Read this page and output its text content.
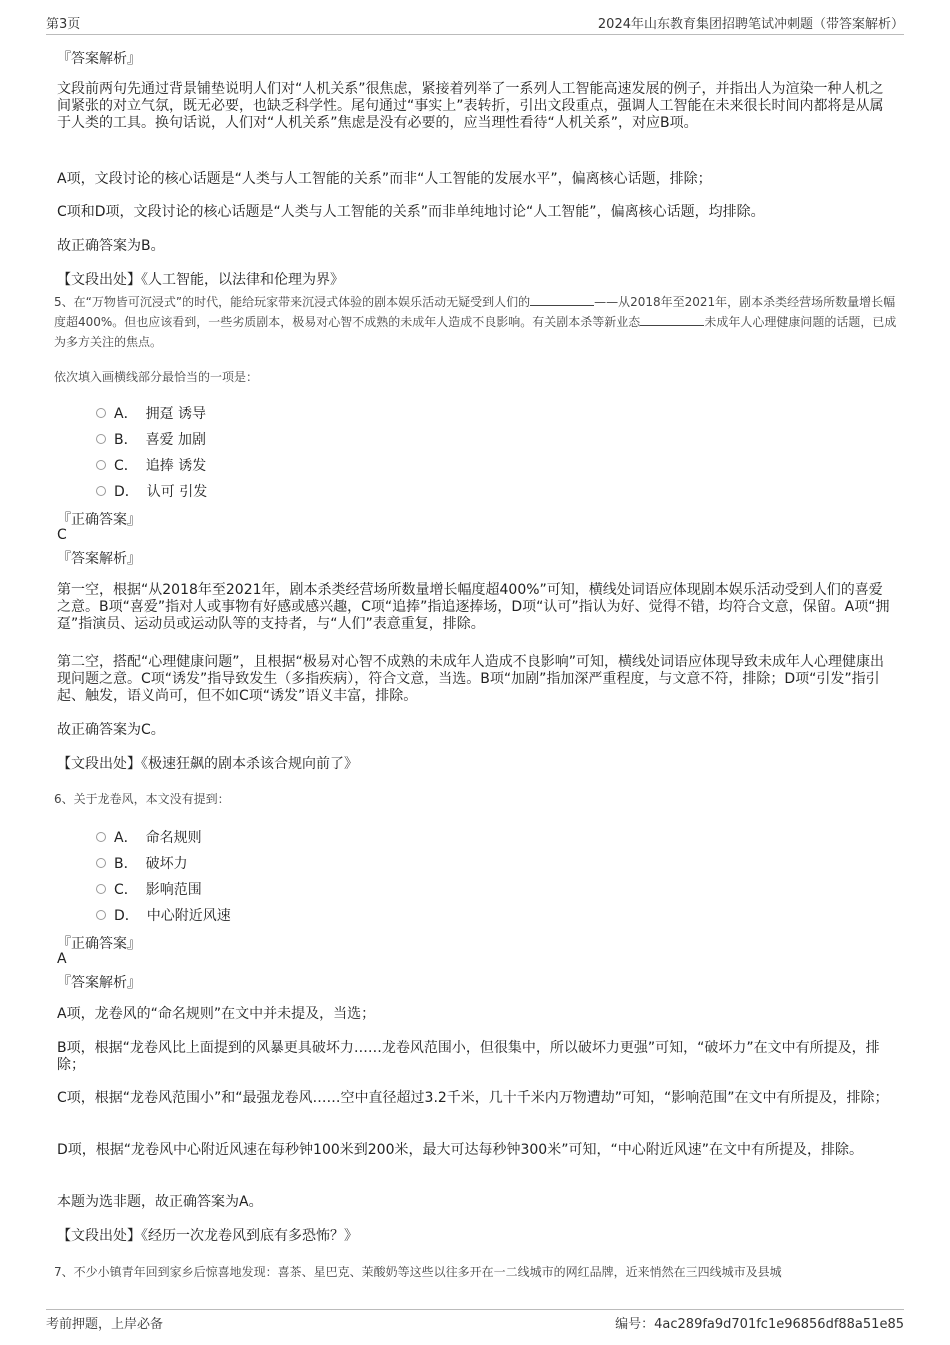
第3页	2024年山东教育集团招聘笔试冲刺题（带答案解析）
『答案解析』
文段前两句先通过背景铺垫说明人们对“人机关系”很焦虑，紧接着列举了一系列人工智能高速发展的例子，并指出人为渲染一种人机之间紧张的对立气氛，既无必要，也缺乏科学性。尾句通过“事实上”表转折，引出文段重点，强调人工智能在未来很长时间内都将是从属于人类的工具。换句话说，人们对“人机关系”焦虑是没有必要的，应当理性看待“人机关系”，对应B项。
A项，文段讨论的核心话题是“人类与人工智能的关系”而非“人工智能的发展水平”，偏离核心话题，排除；
C项和D项，文段讨论的核心话题是“人类与人工智能的关系”而非单纯地讨论“人工智能”，偏离核心话题，均排除。
故正确答案为B。
【文段出处】《人工智能，以法律和伦理为界》
5、在“万物皆可沉浸式”的时代，能给玩家带来沉浸式体验的剧本娱乐活动无疑受到人们的	——从2018年至2021年，剧本杀类经营场所数量增长幅度超400%。但也应该看到，一些劣质剧本，极易对心智不成熟的未成年人造成不良影响。有关剧本杀等新业态	未成年人心理健康问题的话题，已成为多方关注的焦点。
依次填入画横线部分最恰当的一项是：
A． 拥趸 诱导
B． 喜爱 加剧
C． 追捧 诱发
D． 认可 引发
『正确答案』
C
『答案解析』
第一空，根据“从2018年至2021年，剧本杀类经营场所数量增长幅度超400%”可知，横线处词语应体现剧本娱乐活动受到人们的喜爱之意。B项“喜爱”指对人或事物有好感或感兴趣，C项“追捧”指追逐捧场，D项“认可”指认为好、觉得不错，均符合文意，保留。A项“拥趸”指演员、运动员或运动队等的支持者，与“人们”表意重复，排除。
第二空，搭配“心理健康问题”，且根据“极易对心智不成熟的未成年人造成不良影响”可知，横线处词语应体现导致未成年人心理健康出现问题之意。C项“诱发”指导致发生（多指疾病），符合文意，当选。B项“加剧”指加深严重程度，与文意不符，排除；D项“引发”指引起、触发，语义尚可，但不如C项“诱发”语义丰富，排除。
故正确答案为C。
【文段出处】《极速狂飙的剧本杀该合规向前了》
6、关于龙卷风，本文没有提到：
A． 命名规则
B． 破坏力
C． 影响范围
D． 中心附近风速
『正确答案』
A
『答案解析』
A项，龙卷风的“命名规则”在文中并未提及，当选；
B项，根据“龙卷风比上面提到的风暴更具破坏力……龙卷风范围小，但很集中，所以破坏力更强”可知，“破坏力”在文中有所提及，排除；
C项，根据“龙卷风范围小”和“最强龙卷风……空中直径超过3.2千米，几十千米内万物遭劫”可知，“影响范围”在文中有所提及，排除；
D项，根据“龙卷风中心附近风速在每秒钟100米到200米，最大可达每秒钟300米”可知，“中心附近风速”在文中有所提及，排除。
本题为选非题，故正确答案为A。
【文段出处】《经历一次龙卷风到底有多恐怖？》
7、不少小镇青年回到家乡后惊喜地发现：喜茶、星巴克、茉酸奶等这些以往多开在一二线城市的网红品牌，近来悄然在三四线城市及县城
考前押题，上岸必备	编号：4ac289fa9d701fc1e96856df88a51e85
